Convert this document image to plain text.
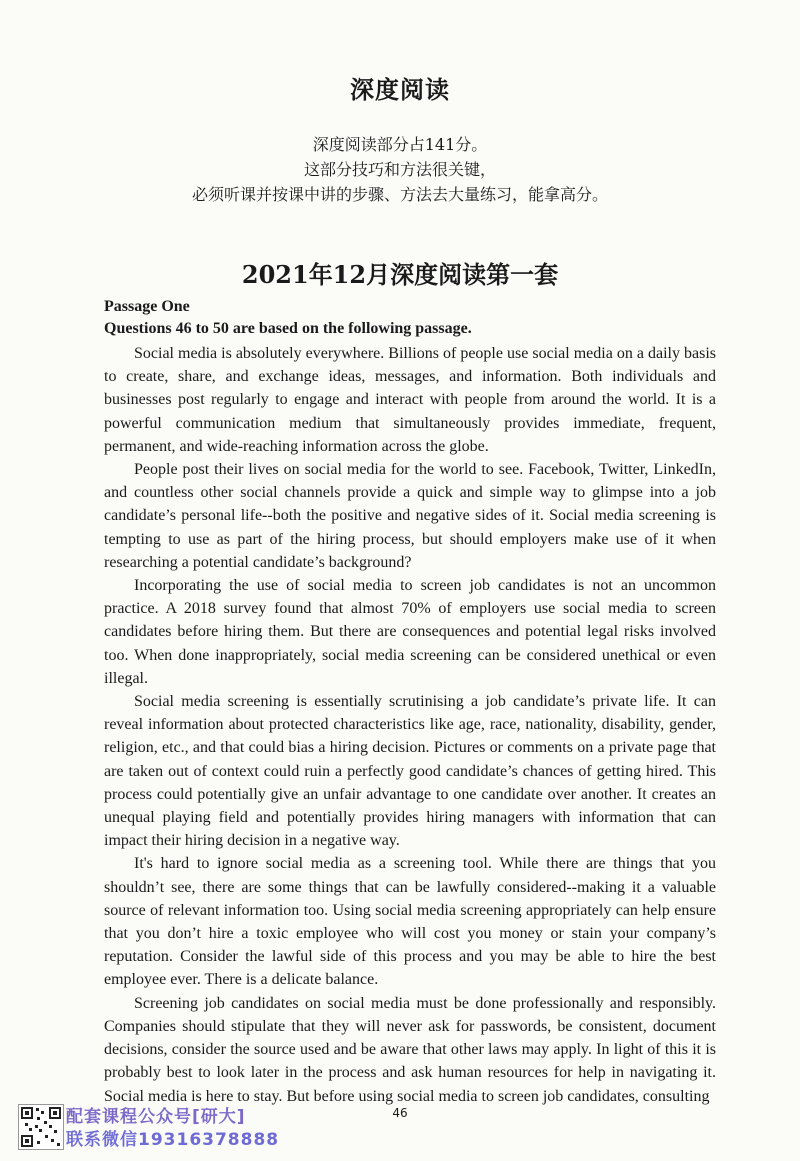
深度阅读
深度阅读部分占141分。
这部分技巧和方法很关键，
必须听课并按课中讲的步骤、方法去大量练习，能拿高分。
2021年12月深度阅读第一套
Passage One
Questions 46 to 50 are based on the following passage.

Social media is absolutely everywhere. Billions of people use social media on a daily basis to create, share, and exchange ideas, messages, and information. Both individuals and businesses post regularly to engage and interact with people from around the world. It is a powerful communication medium that simultaneously provides immediate, frequent, permanent, and wide-reaching information across the globe.

People post their lives on social media for the world to see. Facebook, Twitter, LinkedIn, and countless other social channels provide a quick and simple way to glimpse into a job candidate’s personal life--both the positive and negative sides of it. Social media screening is tempting to use as part of the hiring process, but should employers make use of it when researching a potential candidate’s background?

Incorporating the use of social media to screen job candidates is not an uncommon practice. A 2018 survey found that almost 70% of employers use social media to screen candidates before hiring them. But there are consequences and potential legal risks involved too. When done inappropriately, social media screening can be considered unethical or even illegal.

Social media screening is essentially scrutinising a job candidate’s private life. It can reveal information about protected characteristics like age, race, nationality, disability, gender, religion, etc., and that could bias a hiring decision. Pictures or comments on a private page that are taken out of context could ruin a perfectly good candidate’s chances of getting hired. This process could potentially give an unfair advantage to one candidate over another. It creates an unequal playing field and potentially provides hiring managers with information that can impact their hiring decision in a negative way.

It's hard to ignore social media as a screening tool. While there are things that you shouldn’t see, there are some things that can be lawfully considered--making it a valuable source of relevant information too. Using social media screening appropriately can help ensure that you don’t hire a toxic employee who will cost you money or stain your company’s reputation. Consider the lawful side of this process and you may be able to hire the best employee ever. There is a delicate balance.

Screening job candidates on social media must be done professionally and responsibly. Companies should stipulate that they will never ask for passwords, be consistent, document decisions, consider the source used and be aware that other laws may apply. In light of this it is probably best to look later in the process and ask human resources for help in navigating it. Social media is here to stay. But before using social media to screen job candidates, consulting

配套课程公众号[研大]
联系微信19316378888
46
